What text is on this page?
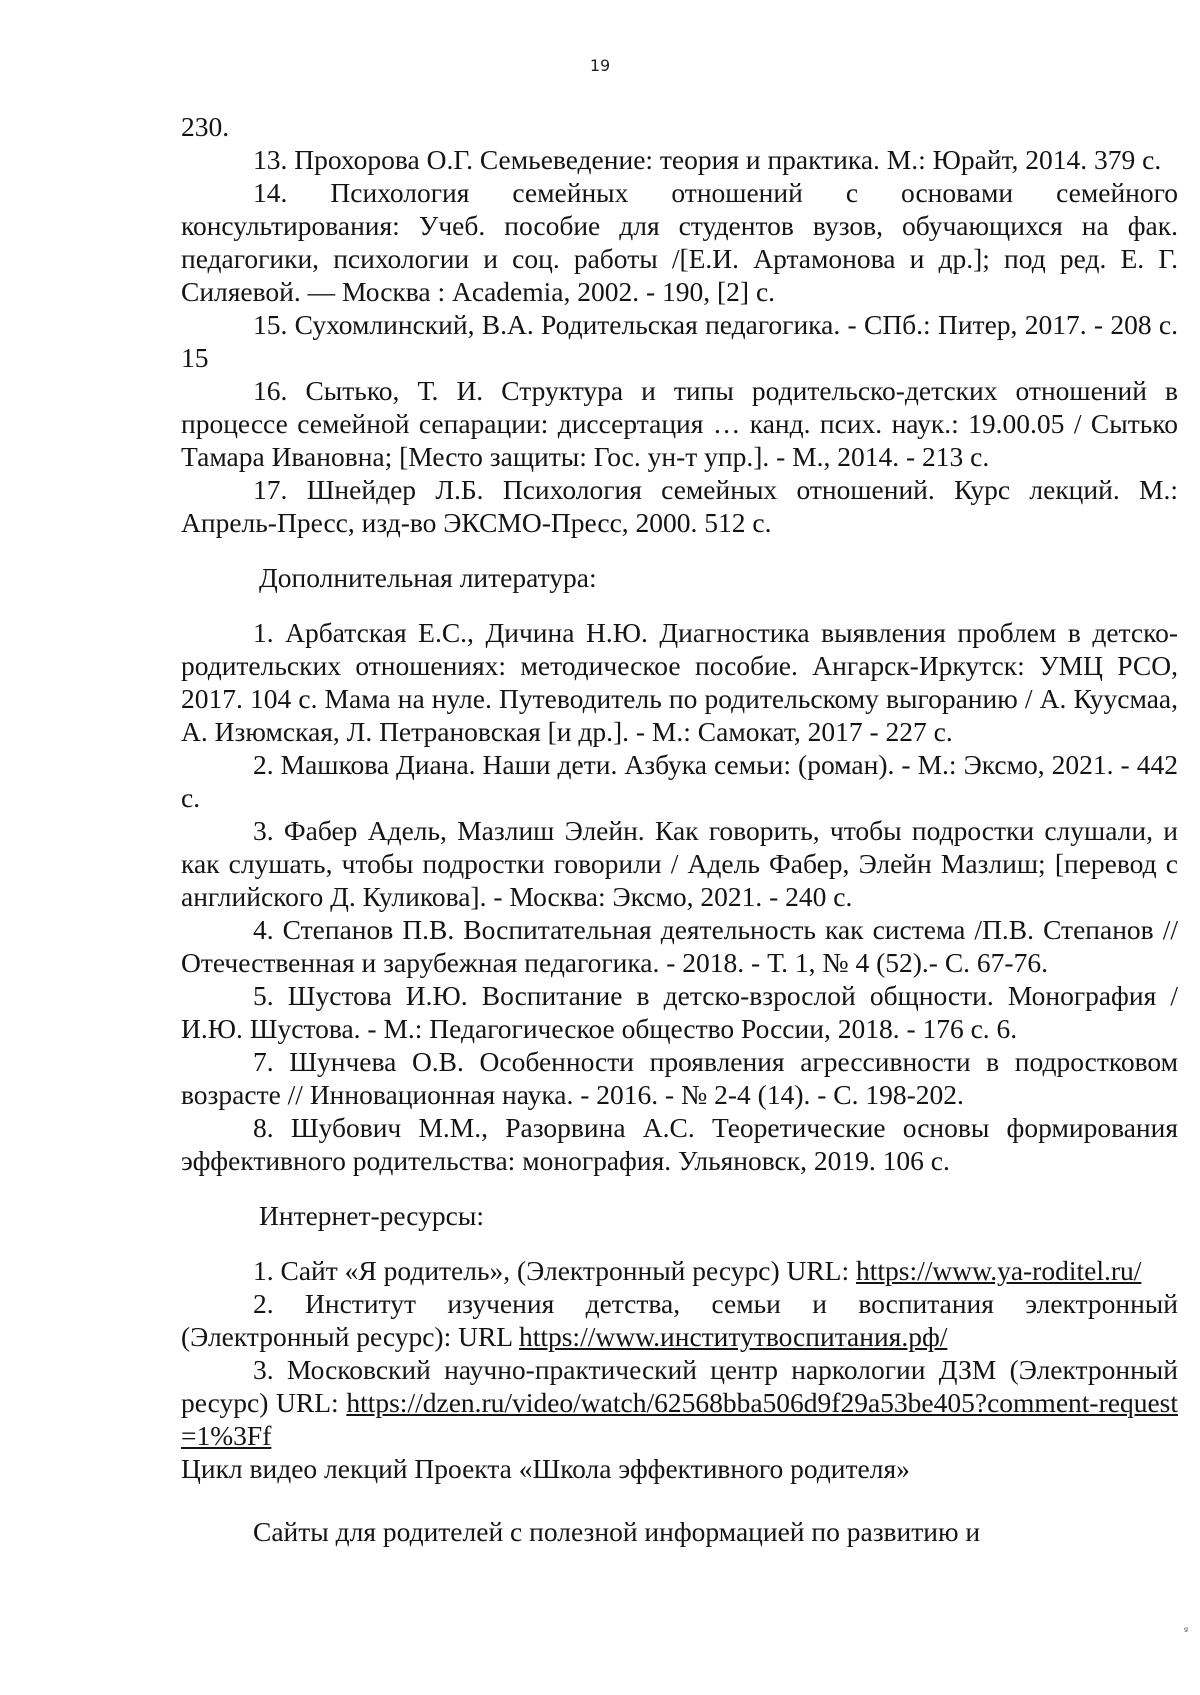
19

230.

13. Прохорова О.Г. Семьеведение: теория и практика. М.: Юрайт, 2014. 379 с.

14. Психология семейных отношений с основами семейного консультирования: Учеб. пособие для студентов вузов, обучающихся на фак. педагогики, психологии и соц. работы /[Е.И. Артамонова и др.]; под ред. Е. Г. Силяевой. — Москва : Academia, 2002. - 190, [2] с.

15. Сухомлинский, В.А. Родительская педагогика. - СПб.: Питер, 2017. - 208 с. 15

16. Сытько, Т. И. Структура и типы родительско-детских отношений в процессе семейной сепарации: диссертация … канд. псих. наук.: 19.00.05 / Сытько Тамара Ивановна; [Место защиты: Гос. ун-т упр.]. - М., 2014. - 213 с.

17. Шнейдер Л.Б. Психология семейных отношений. Курс лекций. М.: Апрель-Пресс, изд-во ЭКСМО-Пресс, 2000. 512 с.

Дополнительная литература:

1. Арбатская Е.С., Дичина Н.Ю. Диагностика выявления проблем в детско-родительских отношениях: методическое пособие. Ангарск-Иркутск: УМЦ РСО, 2017. 104 с. Мама на нуле. Путеводитель по родительскому выгоранию / А. Куусмаа, А. Изюмская, Л. Петрановская [и др.]. - М.: Самокат, 2017 - 227 с.

2. Машкова Диана. Наши дети. Азбука семьи: (роман). - М.: Эксмо, 2021. - 442 с.

3. Фабер Адель, Мазлиш Элейн. Как говорить, чтобы подростки слушали, и как слушать, чтобы подростки говорили / Адель Фабер, Элейн Мазлиш; [перевод с английского Д. Куликова]. - Москва: Эксмо, 2021. - 240 с.

4. Степанов П.В. Воспитательная деятельность как система /П.В. Степанов // Отечественная и зарубежная педагогика. - 2018. - Т. 1, № 4 (52).- С. 67-76.

5. Шустова И.Ю. Воспитание в детско-взрослой общности. Монография / И.Ю. Шустова. - М.: Педагогическое общество России, 2018. - 176 с. 6.

7. Шунчева О.В. Особенности проявления агрессивности в подростковом возрасте // Инновационная наука. - 2016. - № 2-4 (14). - С. 198-202.

8. Шубович М.М., Разорвина А.С. Теоретические основы формирования эффективного родительства: монография. Ульяновск, 2019. 106 с.

Интернет-ресурсы:

1. Сайт «Я родитель», (Электронный ресурс) URL: https://www.ya-roditel.ru/

2. Институт изучения детства, семьи и воспитания электронный (Электронный ресурс): URL https://www.институтвоспитания.рф/

3. Московский научно-практический центр наркологии ДЗМ (Электронный ресурс) URL: https://dzen.ru/video/watch/62568bba506d9f29a53be405?comment-request=1%3Ff

Цикл видео лекций Проекта «Школа эффективного родителя»

Сайты для родителей с полезной информацией по развитию и

ᵍ
